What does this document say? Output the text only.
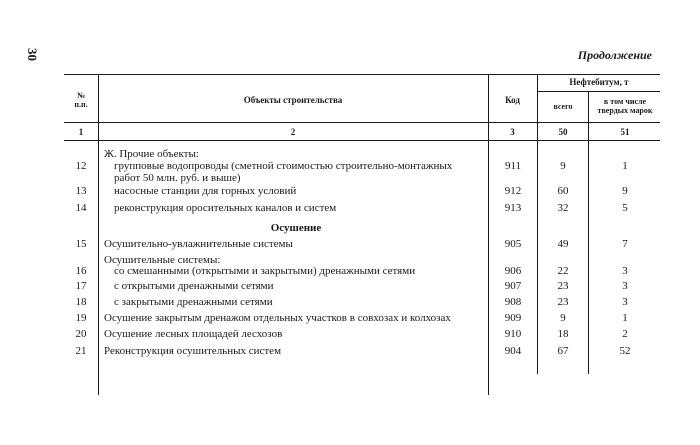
30	Продолжение
№
п.п.	Объекты строительства	Код
Нефтебитум, т
всего
в том числе
твердых марок
1	2	3	50	51
Ж. Прочие объекты:
12	групповые водопроводы (сметной стоимостью строительно-монтажных	911	9	1
работ 50 млн. руб. и выше)
13	насосные станции для горных условий	912	60	9
14	реконструкция оросительных каналов и систем	913	32	5
Осушение
15	Осушительно-увлажнительные системы	905	49	7
Осушительные системы:
16	со смешанными (открытыми и закрытыми) дренажными сетями	906	22	3
17	с открытыми дренажными сетями	907	23	3
18	с закрытыми дренажными сетями	908	23	3
19	Осушение закрытым дренажом отдельных участков в совхозах и колхозах	909	9	1
20	Осушение лесных площадей лесхозов	910	18	2
21	Реконструкция осушительных систем	904	67	52
